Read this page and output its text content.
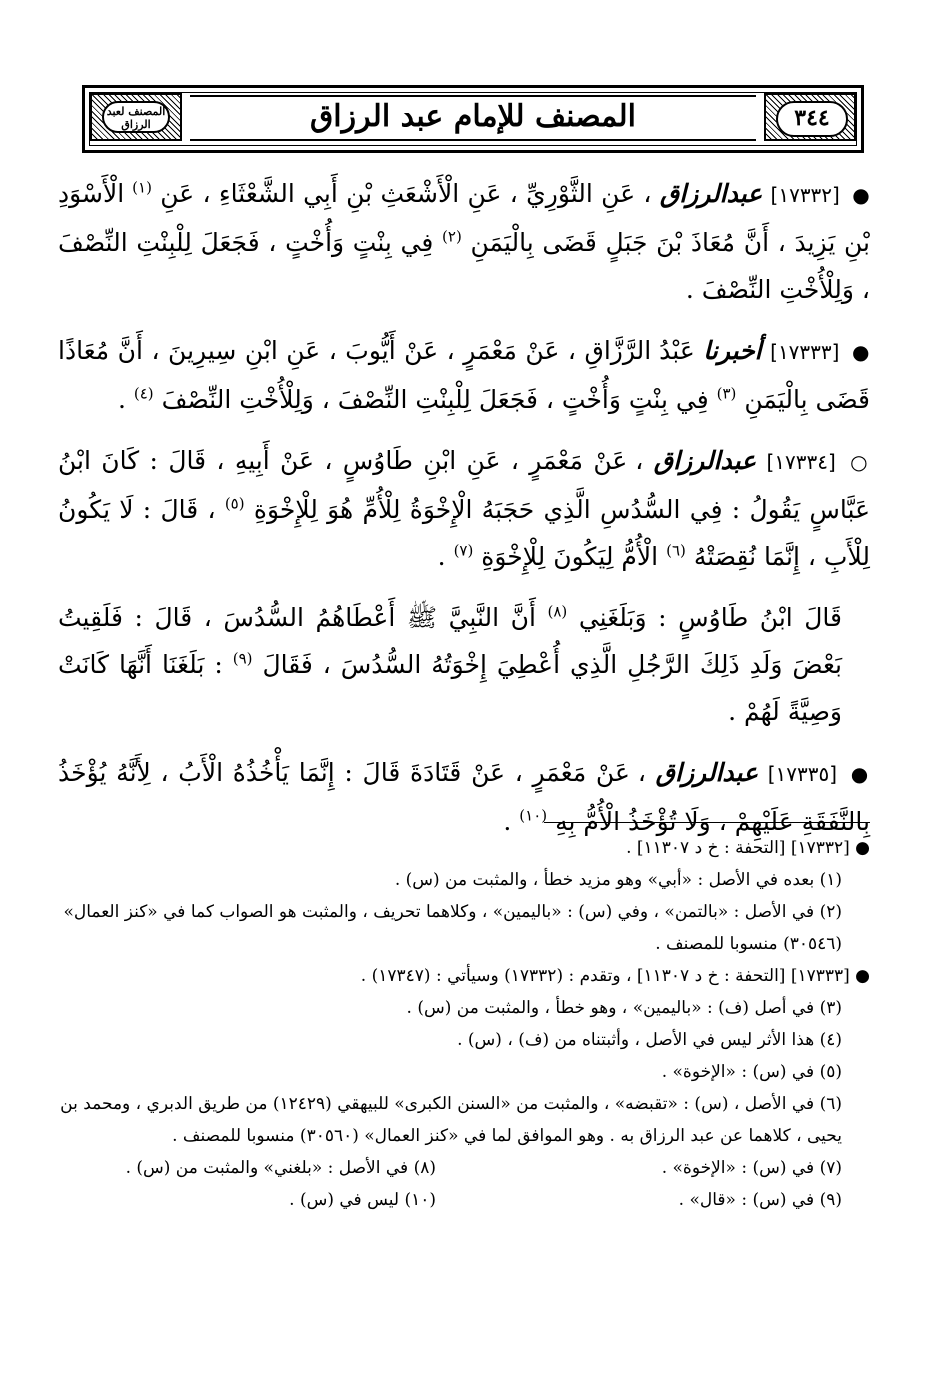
المصنف للإمام عبد الرزاق	٣٤٤
المصنف لعبد الرزاق

● [١٧٣٣٢] عبدالرزاق ، عَنِ الثَّوْرِيِّ ، عَنِ الْأَشْعَثِ بْنِ أَبِي الشَّعْثَاءِ ، عَنِ $^{(١)}$ الْأَسْوَدِ بْنِ يَزِيدَ ، أَنَّ مُعَاذَ بْنَ جَبَلٍ قَضَى بِالْيَمَنِ $^{(٢)}$ فِي بِنْتٍ وَأُخْتٍ ، فَجَعَلَ لِلْبِنْتِ النِّصْفَ ، وَلِلْأُخْتِ النِّصْفَ .

● [١٧٣٣٣] أخبرنا عَبْدُ الرَّزَّاقِ ، عَنْ مَعْمَرٍ ، عَنْ أَيُّوبَ ، عَنِ ابْنِ سِيرِينَ ، أَنَّ مُعَاذًا قَضَى بِالْيَمَنِ $^{(٣)}$ فِي بِنْتٍ وَأُخْتٍ ، فَجَعَلَ لِلْبِنْتِ النِّصْفَ ، وَلِلْأُخْتِ النِّصْفَ $^{(٤)}$ .

○ [١٧٣٣٤] عبدالرزاق ، عَنْ مَعْمَرٍ ، عَنِ ابْنِ طَاوُسٍ ، عَنْ أَبِيهِ ، قَالَ : كَانَ ابْنُ عَبَّاسٍ يَقُولُ : فِي السُّدُسِ الَّذِي حَجَبَهُ الْإِخْوَةُ لِلْأُمِّ هُوَ لِلْإِخْوَةِ $^{(٥)}$ ، قَالَ : لَا يَكُونُ لِلْأَبِ ، إِنَّمَا نُقِصَتْهُ $^{(٦)}$ الْأُمُّ لِيَكُونَ لِلْإِخْوَةِ $^{(٧)}$ .

قَالَ ابْنُ طَاوُسٍ : وَبَلَغَنِي $^{(٨)}$ أَنَّ النَّبِيَّ ﷺ أَعْطَاهُمُ السُّدُسَ ، قَالَ : فَلَقِيتُ بَعْضَ وَلَدِ ذَلِكَ الرَّجُلِ الَّذِي أُعْطِيَ إِخْوَتُهُ السُّدُسَ ، فَقَالَ $^{(٩)}$ : بَلَغَنَا أَنَّهَا كَانَتْ وَصِيَّةً لَهُمْ .

● [١٧٣٣٥] عبدالرزاق ، عَنْ مَعْمَرٍ ، عَنْ قَتَادَةَ قَالَ : إِنَّمَا يَأْخُذُهُ الْأَبُ ، لِأَنَّهُ يُؤْخَذُ بِالنَّفَقَةِ عَلَيْهِمْ ، وَلَا تُؤْخَذُ الْأُمُّ بِهِ $^{(١٠)}$ .

● [١٧٣٣٢] [التحفة : خ د ١١٣٠٧] .

(١) بعده في الأصل : «أبي» وهو مزيد خطأ ، والمثبت من (س) .

(٢) في الأصل : «بالتمن» ، وفي (س) : «باليمين» ، وكلاهما تحريف ، والمثبت هو الصواب كما في «كنز العمال» (٣٠٥٤٦) منسوبا للمصنف .

● [١٧٣٣٣] [التحفة : خ د ١١٣٠٧] ، وتقدم : (١٧٣٣٢) وسيأتي : (١٧٣٤٧) .

(٣) في أصل (ف) : «باليمين» ، وهو خطأ ، والمثبت من (س) .

(٤) هذا الأثر ليس في الأصل ، وأثبتناه من (ف) ، (س) .

(٥) في (س) : «الإخوة» .

(٦) في الأصل ، (س) : «تقبضه» ، والمثبت من «السنن الكبرى» للبيهقي (١٢٤٢٩) من طريق الدبري ، ومحمد بن يحيى ، كلاهما عن عبد الرزاق به . وهو الموافق لما في «كنز العمال» (٣٠٥٦٠) منسوبا للمصنف .

(٧) في (س) : «الإخوة» .
(٨) في الأصل : «بلغني» والمثبت من (س) .
(٩) في (س) : «قال» .
(١٠) ليس في (س) .
